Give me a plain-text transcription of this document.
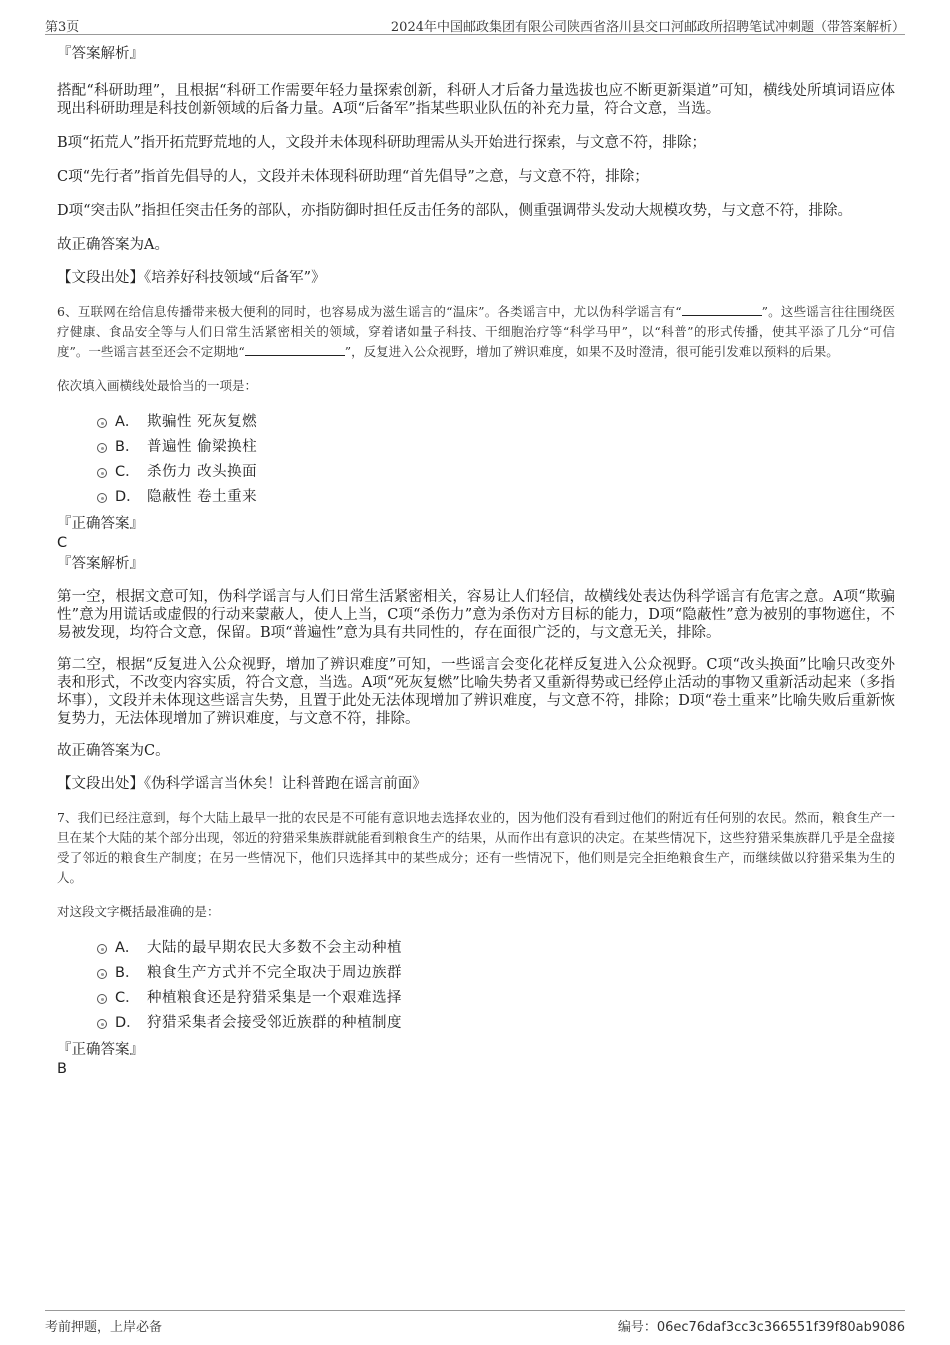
第3页	2024年中国邮政集团有限公司陕西省洛川县交口河邮政所招聘笔试冲刺题（带答案解析）

『答案解析』

搭配“科研助理”，且根据“科研工作需要年轻力量探索创新，科研人才后备力量选拔也应不断更新渠道”可知，横线处所填词语应体现出科研助理是科技创新领域的后备力量。A项“后备军”指某些职业队伍的补充力量，符合文意，当选。

B项“拓荒人”指开拓荒野荒地的人，文段并未体现科研助理需从头开始进行探索，与文意不符，排除；

C项“先行者”指首先倡导的人，文段并未体现科研助理“首先倡导”之意，与文意不符，排除；

D项“突击队”指担任突击任务的部队，亦指防御时担任反击任务的部队，侧重强调带头发动大规模攻势，与文意不符，排除。

故正确答案为A。

【文段出处】《培养好科技领域“后备军”》

6、互联网在给信息传播带来极大便利的同时，也容易成为滋生谣言的“温床”。各类谣言中，尤以伪科学谣言有“	”。这些谣言往往围绕医疗健康、食品安全等与人们日常生活紧密相关的领域，穿着诸如量子科技、干细胞治疗等“科学马甲”，以“科普”的形式传播，使其平添了几分“可信度”。一些谣言甚至还会不定期地“	”，反复进入公众视野，增加了辨识难度，如果不及时澄清，很可能引发难以预料的后果。

依次填入画横线处最恰当的一项是：

A． 欺骗性 死灰复燃
B． 普遍性 偷梁换柱
C． 杀伤力 改头换面
D． 隐蔽性 卷土重来

『正确答案』

C

『答案解析』

第一空，根据文意可知，伪科学谣言与人们日常生活紧密相关，容易让人们轻信，故横线处表达伪科学谣言有危害之意。A项“欺骗性”意为用谎话或虚假的行动来蒙蔽人，使人上当，C项“杀伤力”意为杀伤对方目标的能力，D项“隐蔽性”意为被别的事物遮住，不易被发现，均符合文意，保留。B项“普遍性”意为具有共同性的，存在面很广泛的，与文意无关，排除。

第二空，根据“反复进入公众视野，增加了辨识难度”可知，一些谣言会变化花样反复进入公众视野。C项“改头换面”比喻只改变外表和形式，不改变内容实质，符合文意，当选。A项“死灰复燃”比喻失势者又重新得势或已经停止活动的事物又重新活动起来（多指坏事），文段并未体现这些谣言失势，且置于此处无法体现增加了辨识难度，与文意不符，排除；D项“卷土重来”比喻失败后重新恢复势力，无法体现增加了辨识难度，与文意不符，排除。

故正确答案为C。

【文段出处】《伪科学谣言当休矣！让科普跑在谣言前面》

7、我们已经注意到，每个大陆上最早一批的农民是不可能有意识地去选择农业的，因为他们没有看到过他们的附近有任何别的农民。然而，粮食生产一旦在某个大陆的某个部分出现，邻近的狩猎采集族群就能看到粮食生产的结果，从而作出有意识的决定。在某些情况下，这些狩猎采集族群几乎是全盘接受了邻近的粮食生产制度；在另一些情况下，他们只选择其中的某些成分；还有一些情况下，他们则是完全拒绝粮食生产，而继续做以狩猎采集为生的人。

对这段文字概括最准确的是：

A． 大陆的最早期农民大多数不会主动种植
B． 粮食生产方式并不完全取决于周边族群
C． 种植粮食还是狩猎采集是一个艰难选择
D． 狩猎采集者会接受邻近族群的种植制度

『正确答案』

B

考前押题，上岸必备	编号：06ec76daf3cc3c366551f39f80ab9086
